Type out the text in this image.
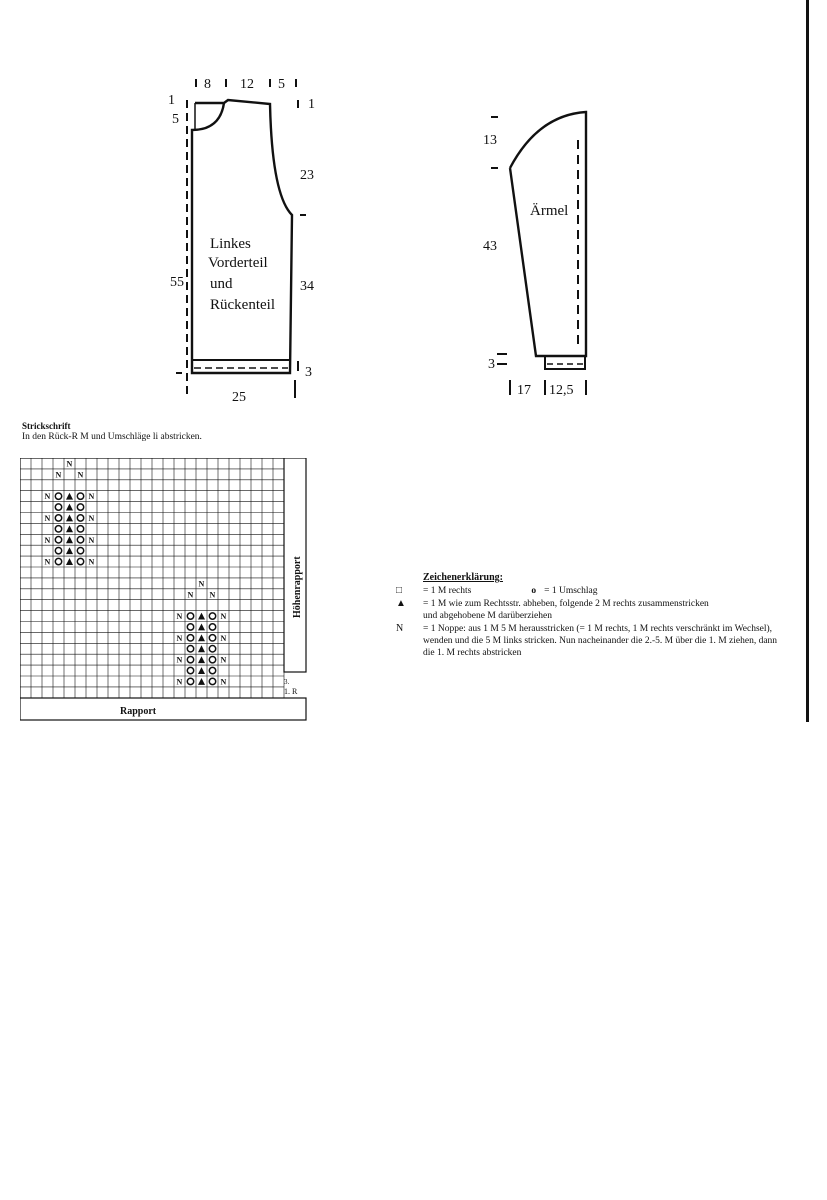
8 12 5
1
5
1
23
34
55
3
25
Linkes
Vorderteil
und
Rückenteil
13
43
3
17 12,5
Ärmel
Strickschrift
In den Rück-R M und Umschläge li abstricken.
N
N N
N	N
N	N
N	N
N	N
N
N N
N	N
N	N
N	N
N	N
Rapport
Höhenrapport
3.
1. R
Zeichenerklärung:
□	= 1 M rechts	o = 1 Umschlag
▲	= 1 M wie zum Rechtsstr. abheben, folgende 2 M rechts zusammenstricken und abgehobene M darüberziehen
N	= 1 Noppe: aus 1 M 5 M herausstricken (= 1 M rechts, 1 M rechts verschränkt im Wechsel), wenden und die 5 M links stricken. Nun nacheinander die 2.-5. M über die 1. M ziehen, dann die 1. M rechts abstricken
